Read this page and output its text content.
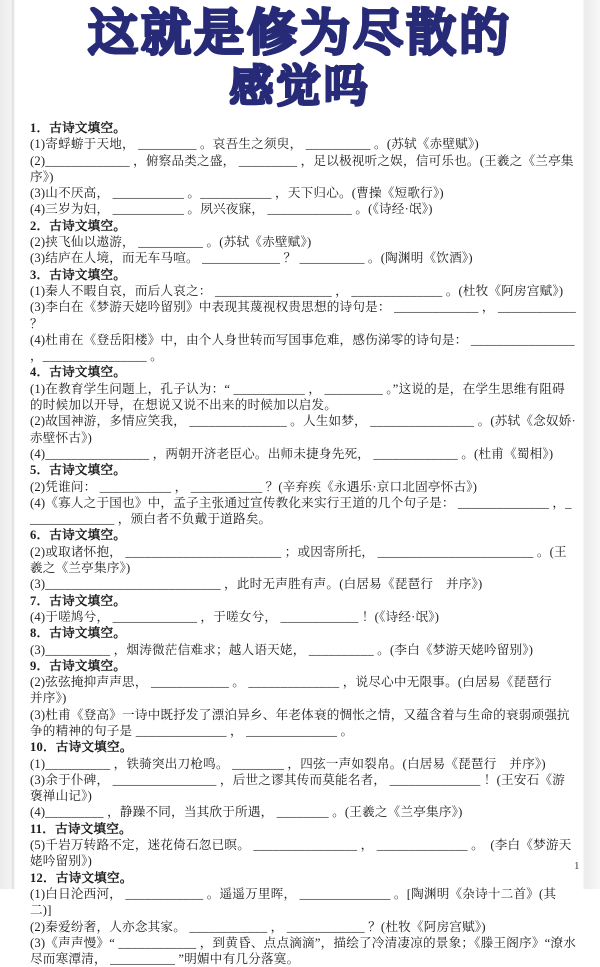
这就是修为尽散的
感觉吗
1．古诗文填空。
(1)寄蜉蝣于天地， _________ 。哀吾生之须臾， __________ 。(苏轼《赤壁赋》)
(2)_____________ ，俯察品类之盛， _________ ，足以极视听之娱，信可乐也。(王羲之《兰亭集序》)
(3)山不厌高， ___________ 。___________ ，天下归心。(曹操《短歌行》)
(4)三岁为妇， ___________ 。夙兴夜寐， _____________ 。(《诗经·氓》)
2．古诗文填空。
(2)挟飞仙以遨游， __________ 。(苏轼《赤壁赋》)
(3)结庐在人境，而无车马喧。 ____________ ？ __________ 。(陶渊明《饮酒》)
3．古诗文填空。
(1)秦人不暇自哀，而后人哀之： __________________ ， ______________ 。(杜牧《阿房宫赋》)
(3)李白在《梦游天姥吟留别》中表现其蔑视权贵思想的诗句是： _____________ ， ____________ ？
(4)杜甫在《登岳阳楼》中，由个人身世转而写国事危难，感伤涕零的诗句是： ________________ ，________________ 。
4．古诗文填空。
(1)在教育学生问题上，孔子认为：“ ___________ ， _________ 。”这说的是，在学生思维有阻碍的时候加以开导，在想说又说不出来的时候加以启发。
(2)故国神游，多情应笑我， _______________ 。人生如梦， ________________ 。(苏轼《念奴娇·赤壁怀古》)
(4)________________ ，两朝开济老臣心。出师未捷身先死， _____________ 。(杜甫《蜀相》)
5．古诗文填空。
(2)凭谁问： ___________ ， ___________ ？(辛弃疾《永遇乐·京口北固亭怀古》)
(4)《寡人之于国也》中，孟子主张通过宣传教化来实行王道的几个句子是： ______________ ，______________ ，颁白者不负戴于道路矣。
6．古诗文填空。
(2)或取诸怀抱， ________________________ ；或因寄所托， ________________________ 。(王羲之《兰亭集序》)
(3)___________________________ ，此时无声胜有声。(白居易《琵琶行　并序》)
7．古诗文填空。
(4)于嗟鸠兮， _____________ ，于嗟女兮， ____________ ！(《诗经·氓》)
8．古诗文填空。
(3)__________ ，烟涛微茫信难求；越人语天姥， __________ 。(李白《梦游天姥吟留别》)
9．古诗文填空。
(2)弦弦掩抑声声思， ____________ 。 ______________ ，说尽心中无限事。(白居易《琵琶行　并序》)
(3)杜甫《登高》一诗中既抒发了漂泊异乡、年老体衰的惆怅之情，又蕴含着与生命的衰弱顽强抗争的精神的句子是 ______________ ， ______________ 。
10．古诗文填空。
(1)__________ ，铁骑突出刀枪鸣。 ________ ，四弦一声如裂帛。(白居易《琵琶行　并序》)
(3)余于仆碑， ________________ ，后世之谬其传而莫能名者， ______________ ！(王安石《游褒禅山记》)
(4)_________ ，静躁不同，当其欣于所遇， ________ 。(王羲之《兰亭集序》)
11．古诗文填空。
(5)千岩万转路不定，迷花倚石忽已暝。 ________________ ， ______________ 。　(李白《梦游天姥吟留别》)
12．古诗文填空。
(1)白日沦西河， ____________ 。遥遥万里晖， ______________ 。[陶渊明《杂诗十二首》(其二)]
(2)秦爱纷奢，人亦念其家。 ____________ ， ____________ ？(杜牧《阿房宫赋》)
(3)《声声慢》“ ____________ ，到黄昏、点点滴滴”，描绘了冷清凄凉的景象；《滕王阁序》“潦水尽而寒潭清， __________ ”明媚中有几分落寞。
1
